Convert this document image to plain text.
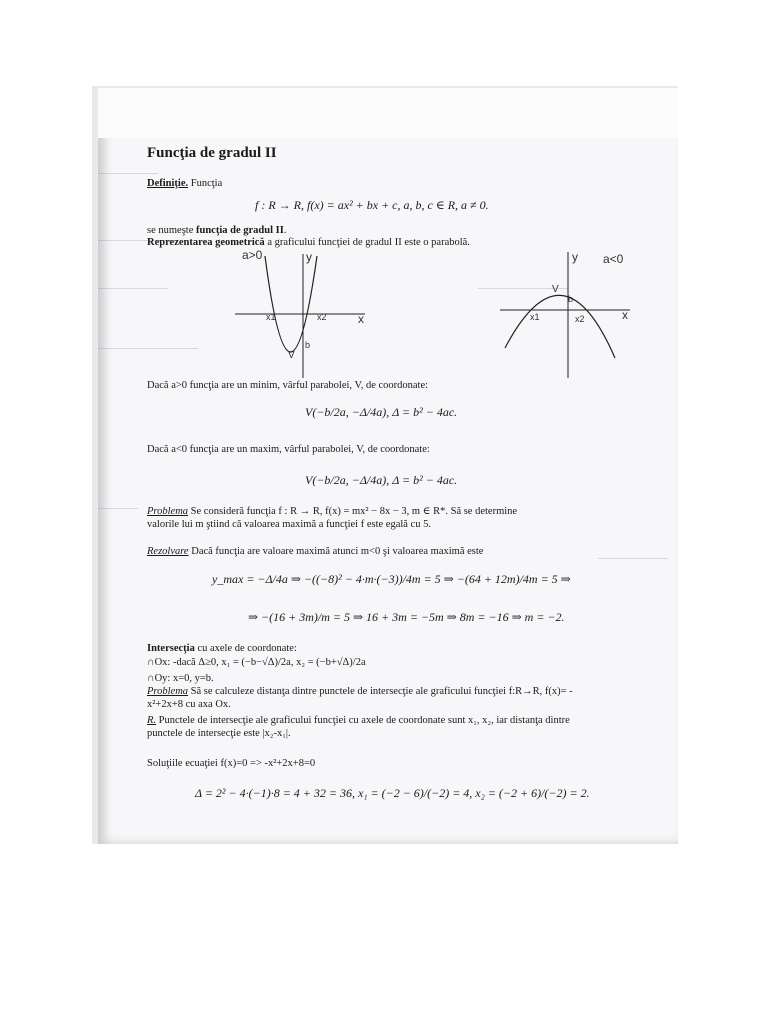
Funcţia de gradul II
Definiţie. Funcţia
f : R → R, f(x) = ax² + bx + c, a, b, c ∈ R, a ≠ 0.
se numeşte funcţia de gradul II.
Reprezentarea geometrică a graficului funcţiei de gradul II este o parabolă.
a>0	y
x
x1	x2
V
b
a<0
y
x
x1	x2
V
b
Dacă a>0 funcţia are un minim, vârful parabolei, V, de coordonate:
V(−b/2a, −Δ/4a), Δ = b² − 4ac.
Dacă a<0 funcţia are un maxim, vârful parabolei, V, de coordonate:
V(−b/2a, −Δ/4a), Δ = b² − 4ac.
Problema Se consideră funcţia f : R → R, f(x) = mx² − 8x − 3, m ∈ R*. Să se determine
valorile lui m ştiind că valoarea maximă a funcţiei f este egală cu 5.
Rezolvare Dacă funcţia are valoare maximă atunci m<0 şi valoarea maximă este
y_max = −Δ/4a ⇒ −((−8)² − 4·m·(−3))/4m = 5 ⇒ −(64 + 12m)/4m = 5 ⇒
⇒ −(16 + 3m)/m = 5 ⇒ 16 + 3m = −5m ⇒ 8m = −16 ⇒ m = −2.
Intersecţia cu axele de coordonate:
∩Ox: -dacă Δ≥0, x₁ = (−b−√Δ)/2a, x₂ = (−b+√Δ)/2a
∩Oy: x=0, y=b.
Problema Să se calculeze distanţa dintre punctele de intersecţie ale graficului funcţiei f:R→R, f(x)= -
x²+2x+8 cu axa Ox.
R. Punctele de intersecţie ale graficului funcţiei cu axele de coordonate sunt x₁, x₂, iar distanţa dintre
punctele de intersecţie este |x₂-x₁|.
Soluţiile ecuaţiei f(x)=0 => -x²+2x+8=0
Δ = 2² − 4·(−1)·8 = 4 + 32 = 36, x₁ = (−2 − 6)/(−2) = 4, x₂ = (−2 + 6)/(−2) = 2.
